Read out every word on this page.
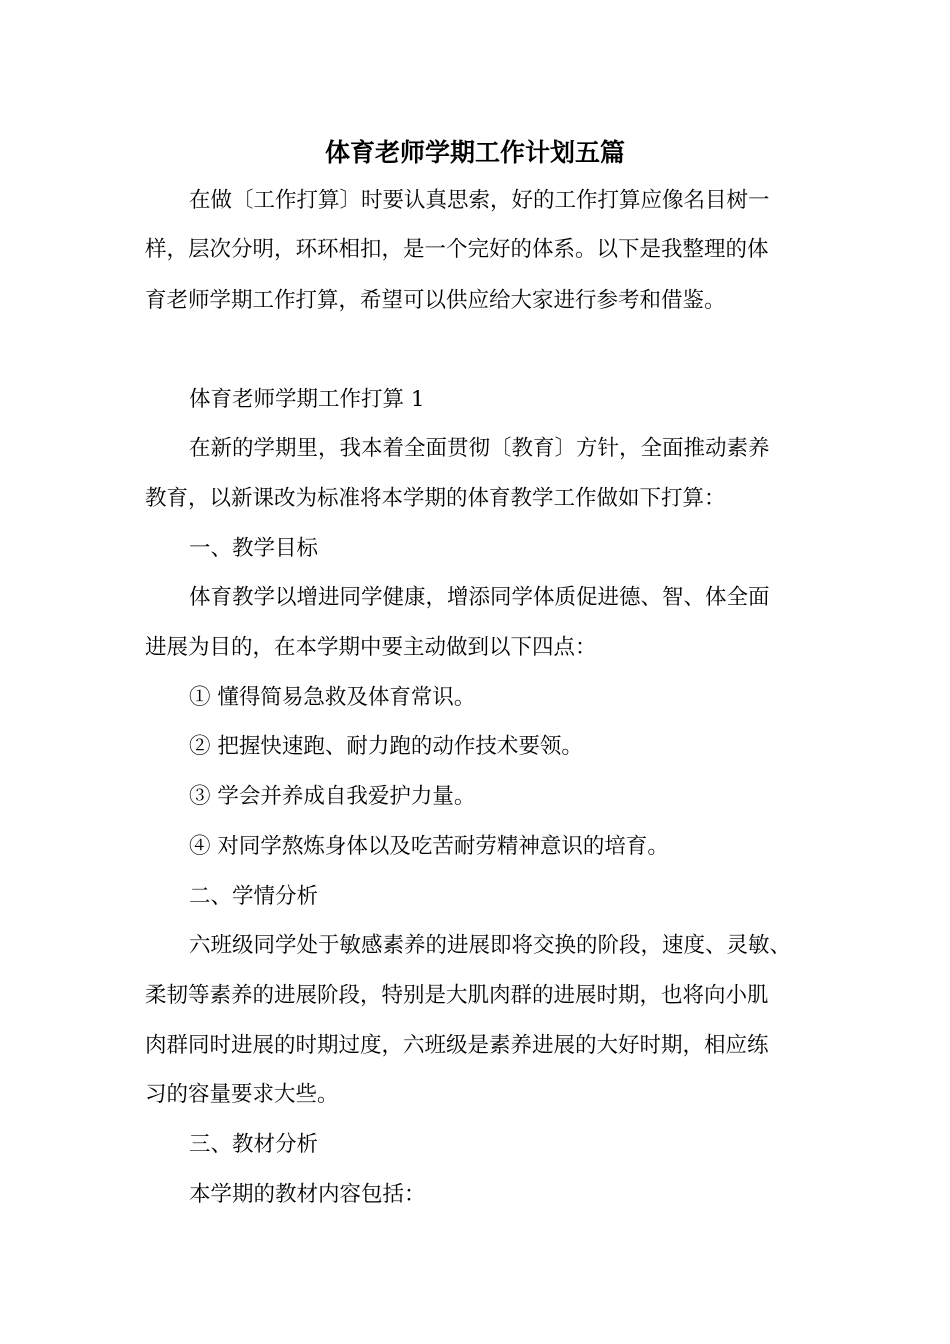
体育老师学期工作计划五篇
在做〔工作打算〕时要认真思索，好的工作打算应像名目树一
样，层次分明，环环相扣，是一个完好的体系。以下是我整理的体
育老师学期工作打算，希望可以供应给大家进行参考和借鉴。
体育老师学期工作打算 1
在新的学期里，我本着全面贯彻〔教育〕方针，全面推动素养
教育，以新课改为标准将本学期的体育教学工作做如下打算：
一、教学目标
体育教学以增进同学健康，增添同学体质促进德、智、体全面
进展为目的，在本学期中要主动做到以下四点：
① 懂得简易急救及体育常识。
② 把握快速跑、耐力跑的动作技术要领。
③ 学会并养成自我爱护力量。
④ 对同学熬炼身体以及吃苦耐劳精神意识的培育。
二、学情分析
六班级同学处于敏感素养的进展即将交换的阶段，速度、灵敏、
柔韧等素养的进展阶段，特别是大肌肉群的进展时期，也将向小肌
肉群同时进展的时期过度，六班级是素养进展的大好时期，相应练
习的容量要求大些。
三、教材分析
本学期的教材内容包括：
